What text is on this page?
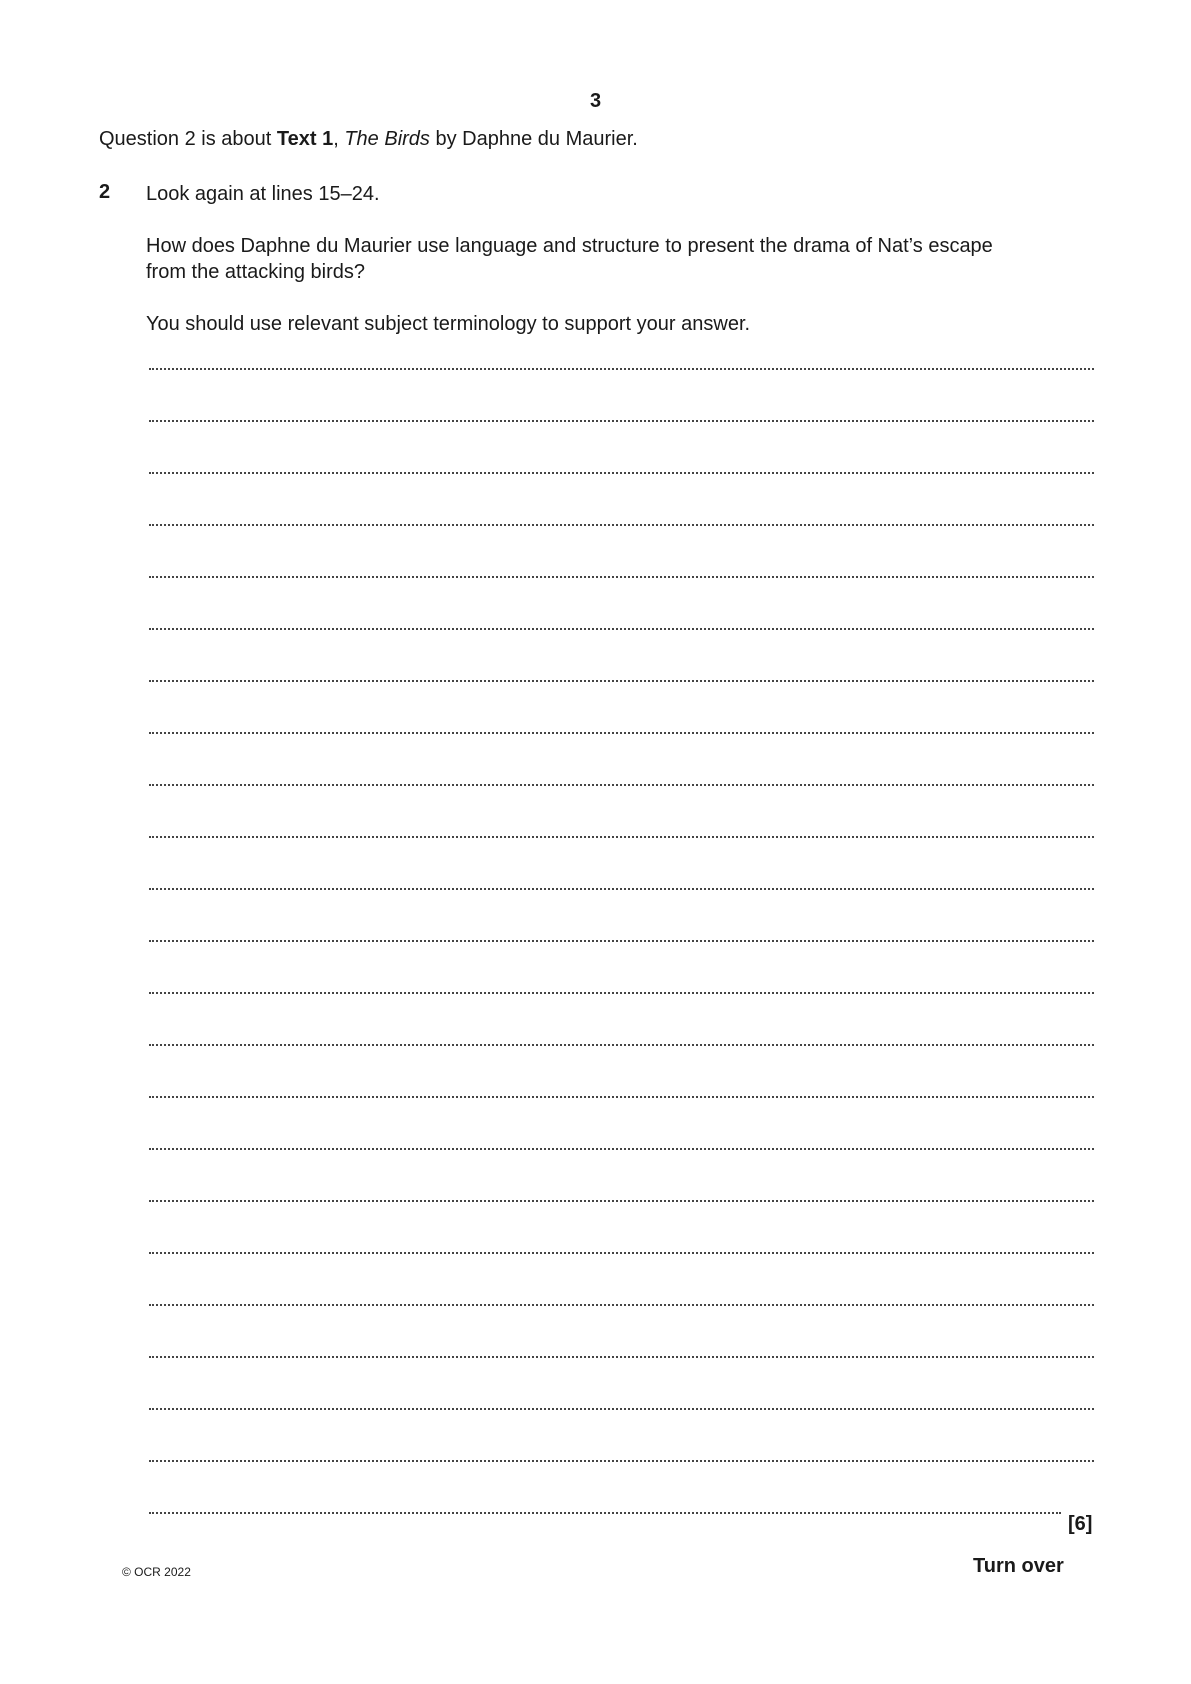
3
Question 2 is about Text 1, The Birds by Daphne du Maurier.
2 Look again at lines 15–24.
How does Daphne du Maurier use language and structure to present the drama of Nat’s escape
from the attacking birds?
You should use relevant subject terminology to support your answer.
[6]
© OCR 2022	Turn over
